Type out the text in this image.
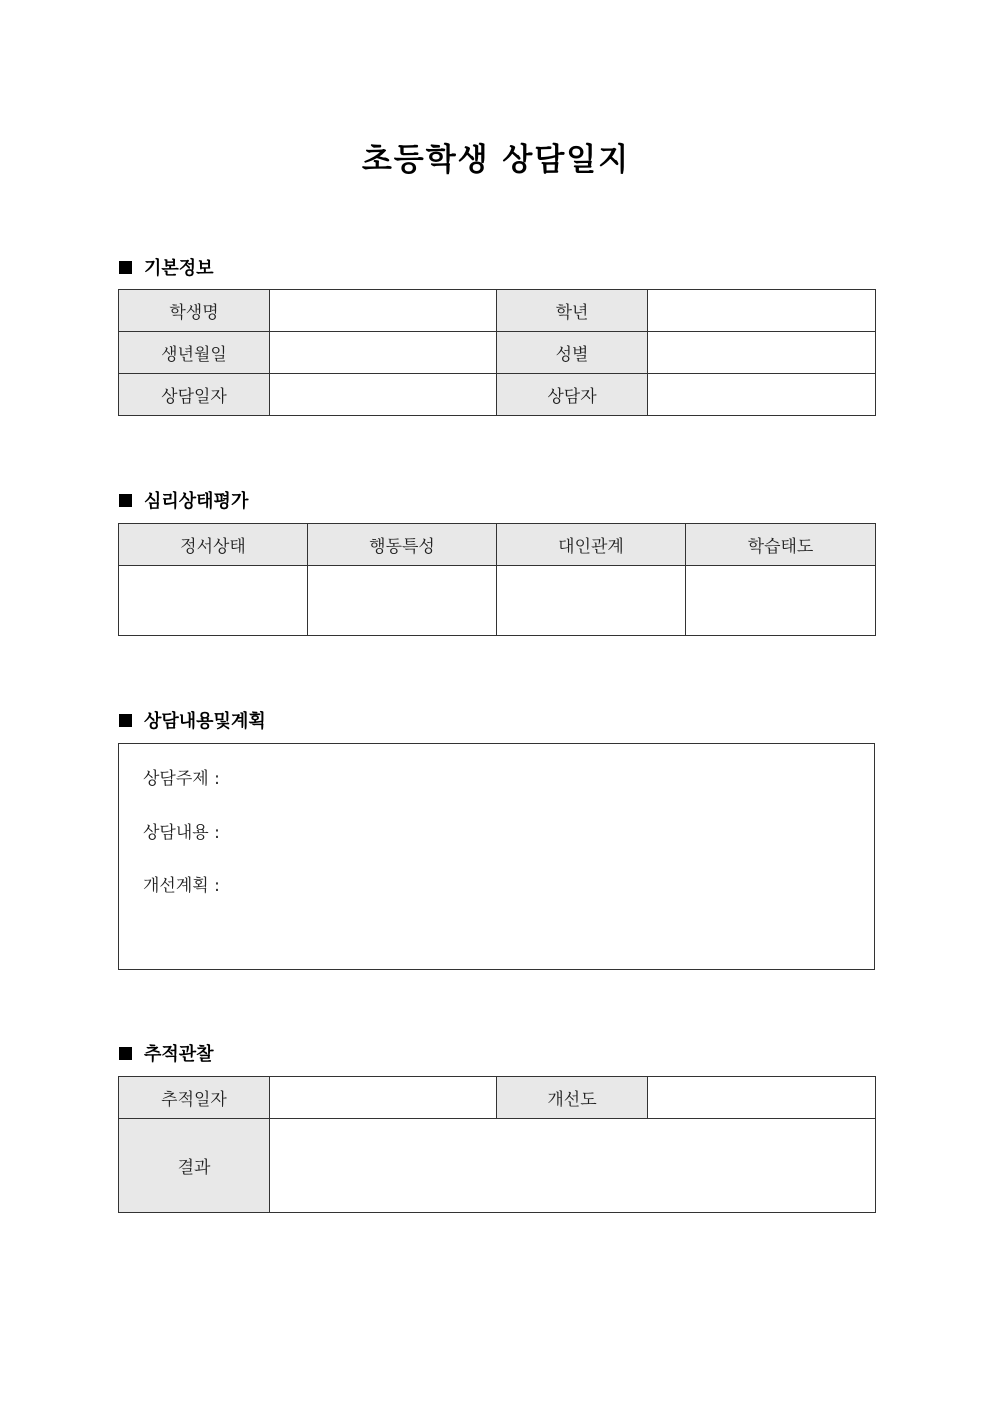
초등학생 상담일지
기본정보
학생명		학년	
생년월일		성별	
상담일자		상담자	
심리상태평가
정서상태	행동특성	대인관계	학습태도

상담내용및계획
상담주제 :
상담내용 :
개선계획 :
추적관찰
추적일자		개선도	
결과			
